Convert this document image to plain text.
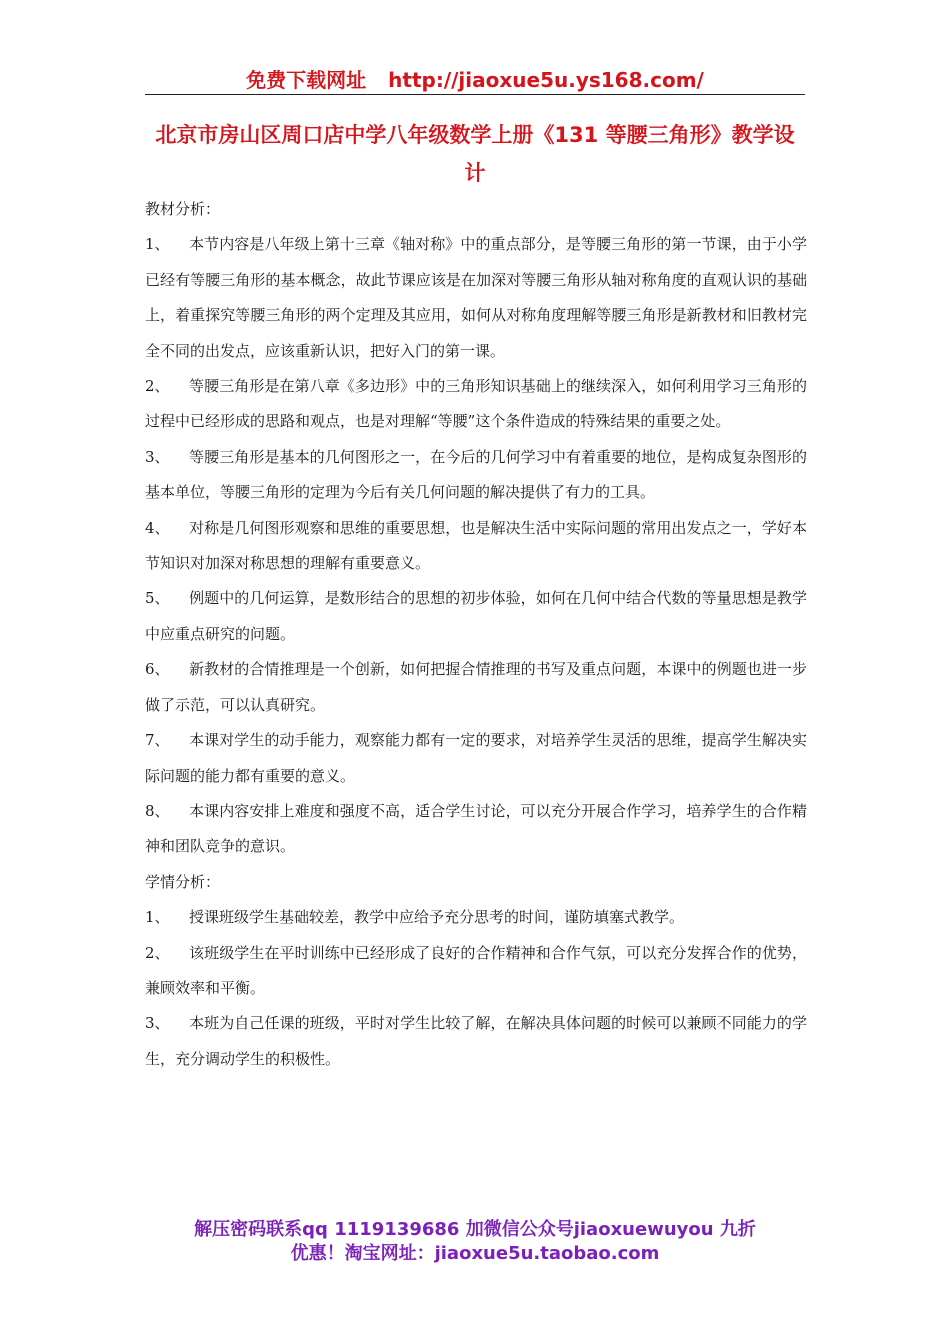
免费下载网址 http://jiaoxue5u.ys168.com/
北京市房山区周口店中学八年级数学上册《131 等腰三角形》教学设计

教材分析：

1、 本节内容是八年级上第十三章《轴对称》中的重点部分，是等腰三角形的第一节课，由于小学已经有等腰三角形的基本概念，故此节课应该是在加深对等腰三角形从轴对称角度的直观认识的基础上，着重探究等腰三角形的两个定理及其应用，如何从对称角度理解等腰三角形是新教材和旧教材完全不同的出发点，应该重新认识，把好入门的第一课。

2、 等腰三角形是在第八章《多边形》中的三角形知识基础上的继续深入，如何利用学习三角形的过程中已经形成的思路和观点，也是对理解“等腰”这个条件造成的特殊结果的重要之处。

3、 等腰三角形是基本的几何图形之一，在今后的几何学习中有着重要的地位，是构成复杂图形的基本单位，等腰三角形的定理为今后有关几何问题的解决提供了有力的工具。

4、 对称是几何图形观察和思维的重要思想，也是解决生活中实际问题的常用出发点之一，学好本节知识对加深对称思想的理解有重要意义。

5、 例题中的几何运算，是数形结合的思想的初步体验，如何在几何中结合代数的等量思想是教学中应重点研究的问题。

6、 新教材的合情推理是一个创新，如何把握合情推理的书写及重点问题，本课中的例题也进一步做了示范，可以认真研究。

7、 本课对学生的动手能力，观察能力都有一定的要求，对培养学生灵活的思维，提高学生解决实际问题的能力都有重要的意义。

8、 本课内容安排上难度和强度不高，适合学生讨论，可以充分开展合作学习，培养学生的合作精神和团队竞争的意识。

学情分析：

1、 授课班级学生基础较差，教学中应给予充分思考的时间，谨防填塞式教学。

2、 该班级学生在平时训练中已经形成了良好的合作精神和合作气氛，可以充分发挥合作的优势，兼顾效率和平衡。

3、 本班为自己任课的班级，平时对学生比较了解，在解决具体问题的时候可以兼顾不同能力的学生，充分调动学生的积极性。

解压密码联系qq 1119139686 加微信公众号jiaoxuewuyou 九折
优惠！淘宝网址：jiaoxue5u.taobao.com
